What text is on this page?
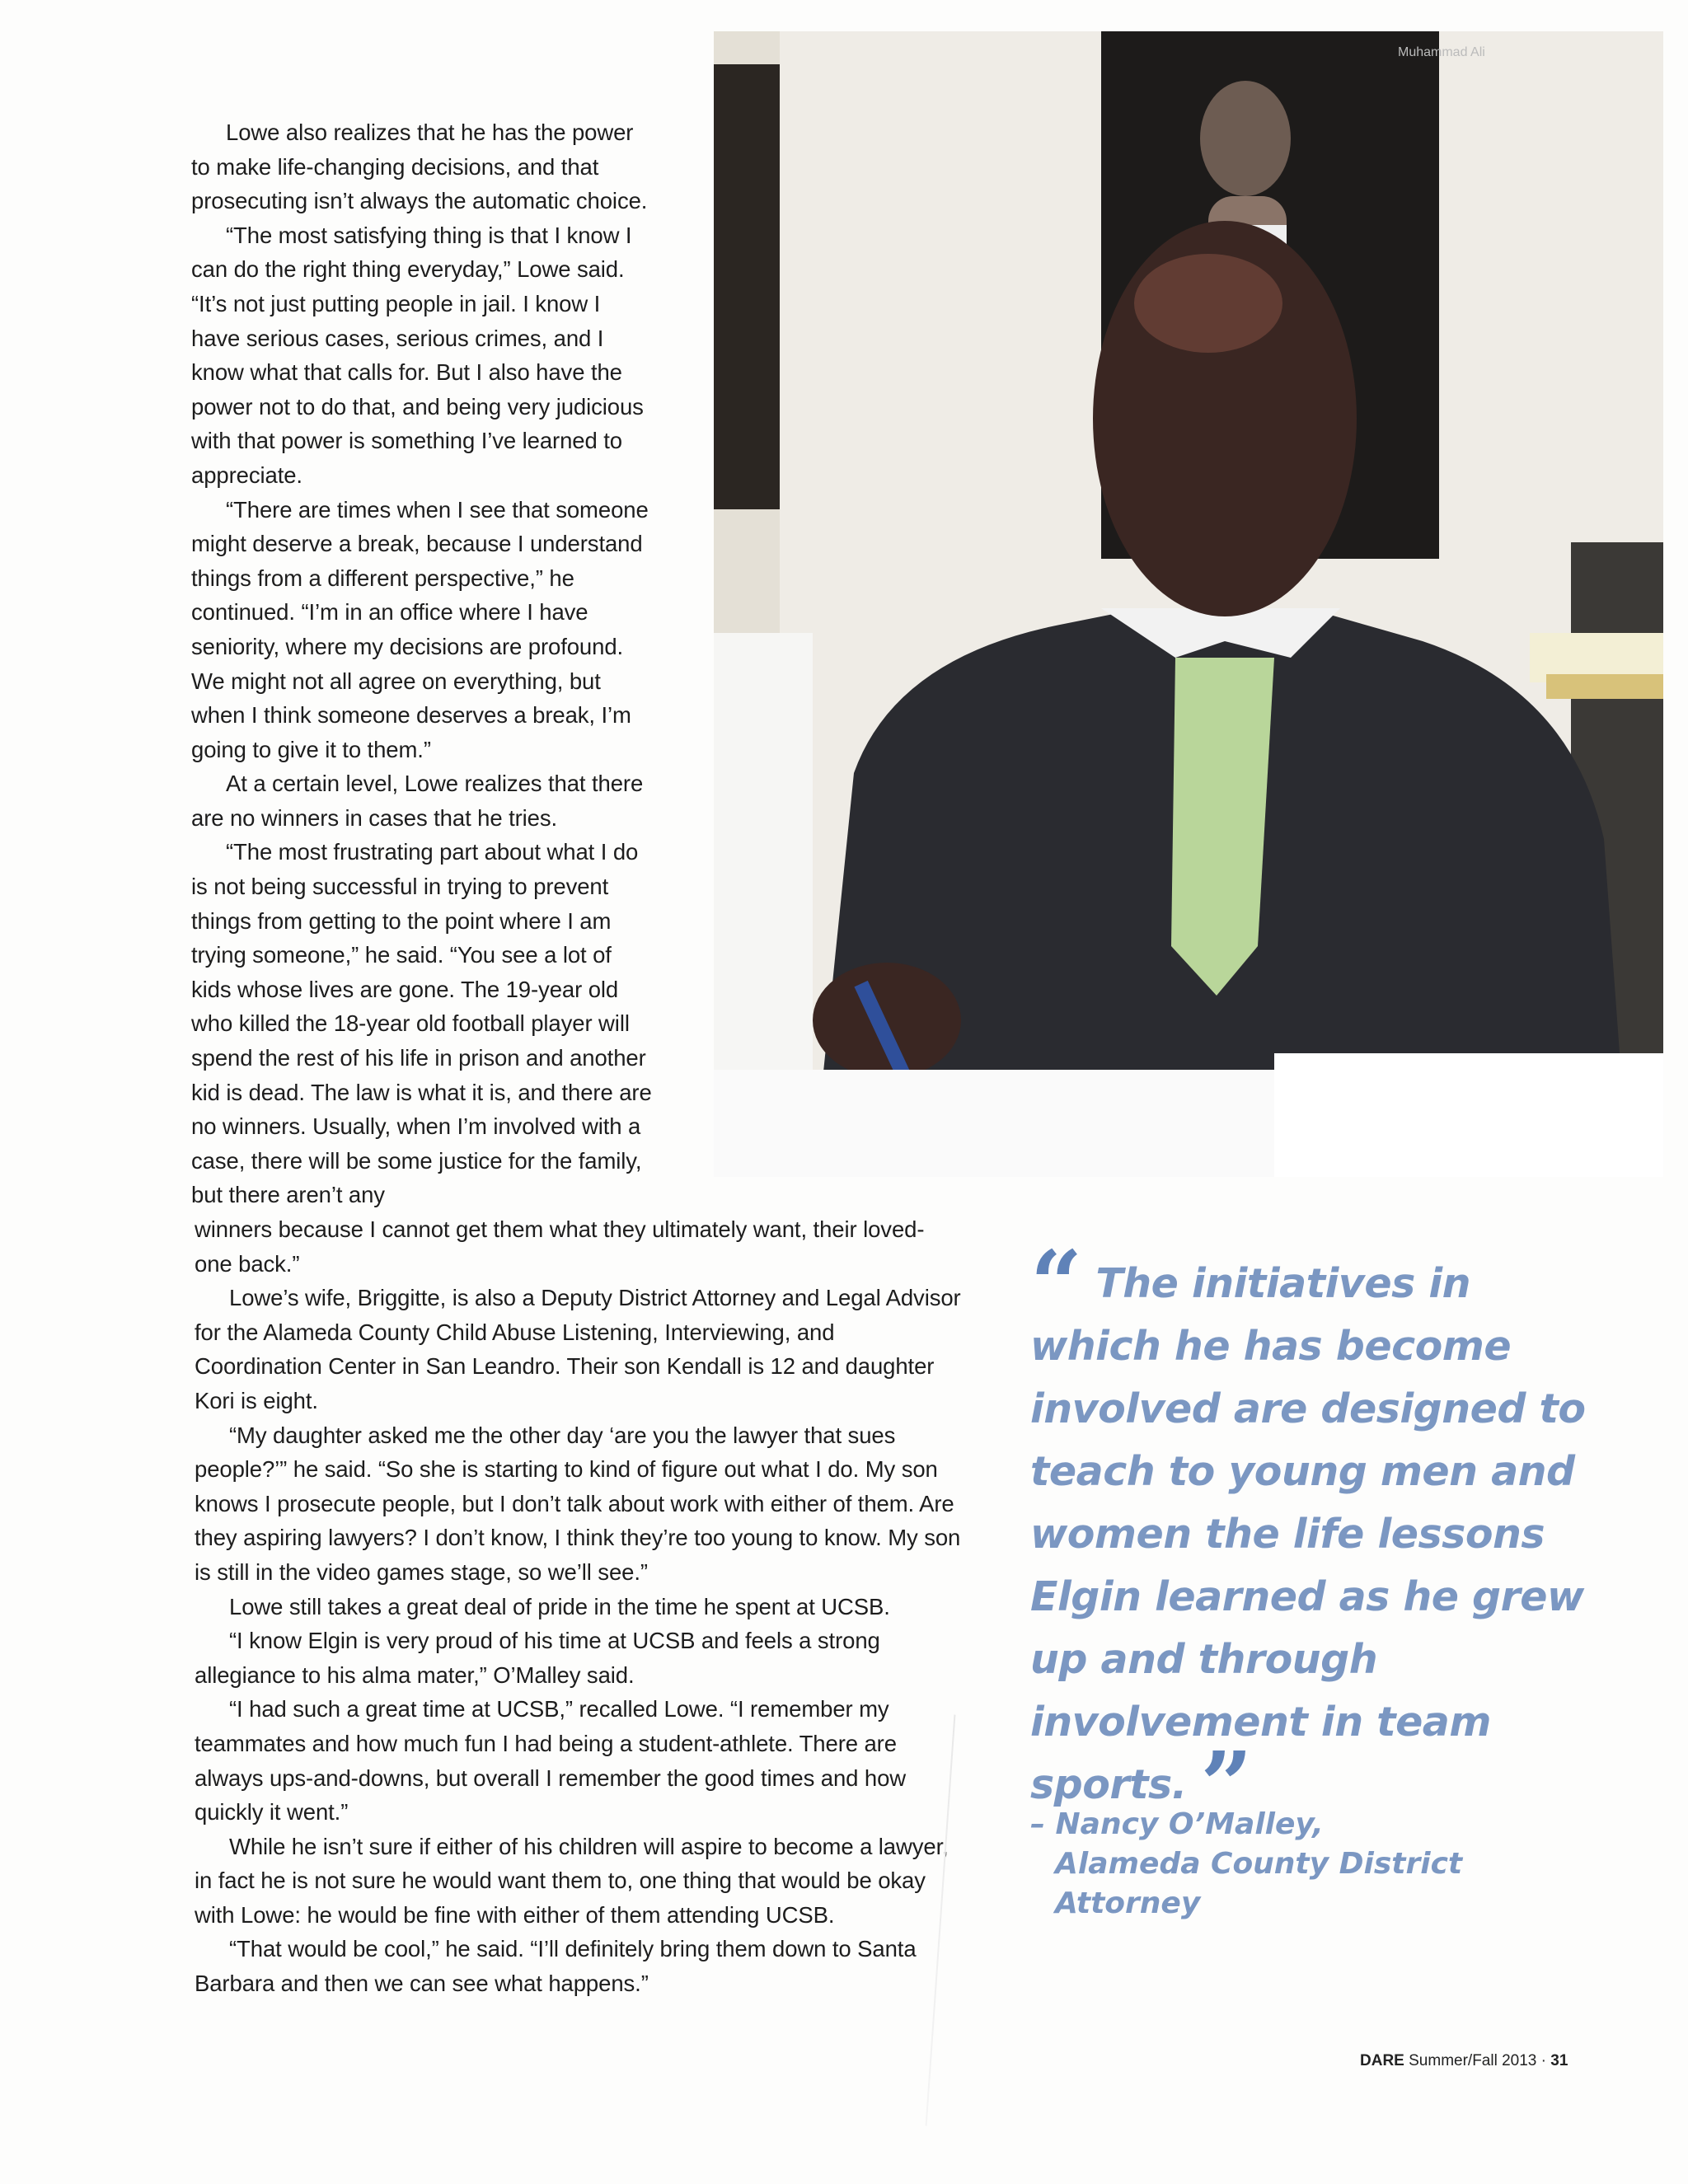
Muhammad Ali

Lowe also realizes that he has the power to make life-changing decisions, and that prosecuting isn’t always the automatic choice.

“The most satisfying thing is that I know I can do the right thing everyday,” Lowe said. “It’s not just putting people in jail. I know I have serious cases, serious crimes, and I know what that calls for. But I also have the power not to do that, and being very judicious with that power is something I’ve learned to appreciate.

“There are times when I see that someone might deserve a break, because I understand things from a different perspective,” he continued. “I’m in an office where I have seniority, where my decisions are profound. We might not all agree on everything, but when I think someone deserves a break, I’m going to give it to them.”

At a certain level, Lowe realizes that there are no winners in cases that he tries.

“The most frustrating part about what I do is not being successful in trying to prevent things from getting to the point where I am trying someone,” he said. “You see a lot of kids whose lives are gone. The 19-year old who killed the 18-year old football player will spend the rest of his life in prison and another kid is dead. The law is what it is, and there are no winners. Usually, when I’m involved with a case, there will be some justice for the family, but there aren’t any

winners because I cannot get them what they ultimately want, their loved-one back.”

Lowe’s wife, Briggitte, is also a Deputy District Attorney and Legal Advisor for the Alameda County Child Abuse Listening, Interviewing, and Coordination Center in San Leandro. Their son Kendall is 12 and daughter Kori is eight.

“My daughter asked me the other day ‘are you the lawyer that sues people?’” he said. “So she is starting to kind of figure out what I do. My son knows I prosecute people, but I don’t talk about work with either of them. Are they aspiring lawyers? I don’t know, I think they’re too young to know. My son is still in the video games stage, so we’ll see.”

Lowe still takes a great deal of pride in the time he spent at UCSB.

“I know Elgin is very proud of his time at UCSB and feels a strong allegiance to his alma mater,” O’Malley said.

“I had such a great time at UCSB,” recalled Lowe. “I remember my teammates and how much fun I had being a student-athlete. There are always ups-and-downs, but overall I remember the good times and how quickly it went.”

While he isn’t sure if either of his children will aspire to become a lawyer, in fact he is not sure he would want them to, one thing that would be okay with Lowe: he would be fine with either of them attending UCSB.

“That would be cool,” he said. “I’ll definitely bring them down to Santa Barbara and then we can see what happens.”

“ The initiatives in which he has become involved are designed to teach to young men and women the life lessons Elgin learned as he grew up and through involvement in team sports. ”
– Nancy O’Malley,
Alameda County District Attorney
DARE Summer/Fall 2013 · 31
